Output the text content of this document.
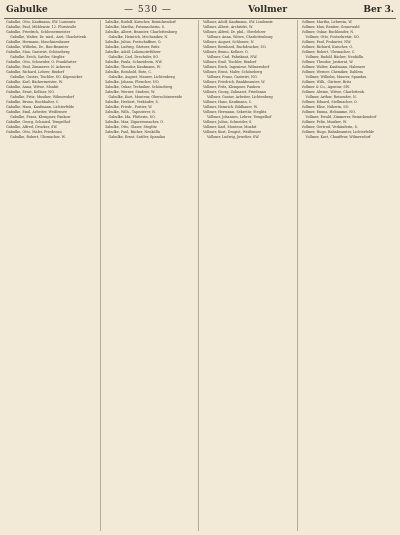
Gabulke	— 530 —	Vollmer	Ber 3.
Gabulke, Otto, Kaufmann, SW. Luisenstr.
Gabulke, Paul, Mühlenstr. 12. Flurstraße
Gabulke, Friedrich, Schlossermeister
Gabulke, Walter, Dr. med., Arzt, Charlottenb.
Gabulke, Hermann, Maschinenbauer
Gabulke, Wilhelm, Dr., Bau-Beamter
Gabulke, Max, Gastwirt, Schöneberg
Gabulke, Erich, Sattler, Steglitz
Gabulke, Otto, Schneider, O. Frankfurter
Gabulke, Paul, Zimmerer, N. Ackerstr.
Gabulke, Richard, Lehrer, Rixdorf
Gabulke, Gustav, Tischler, SO. Köpenicker
Gabulke, Karl, Bäckermeister, W.
Gabulke, Anna, Witwe, Moabit
Gabulke, Ernst, Kellner, NO.
Gabulke, Fritz, Musiker, Wilmersdorf
Gabulke, Bruno, Buchhalter, C.
Gabulke, Hans, Kaufmann, Lichterfelde
Gabulke, Emil, Arbeiter, Weißensee
Gabulke, Franz, Klempner, Pankow
Gabulke, Georg, Schmied, Tempelhof
Gabulke, Alfred, Drucker, SW.
Gabulke, Otto, Maler, Friedenau
Gabulke, Robert, Uhrmacher, W.
Gabulke, Rudolf, Kutscher, Reinickendorf
Gabulke, Martha, Putzmacherin, S.
Gabulke, Albert, Beamter, Charlottenburg
Gabulke, Heinrich, Mechaniker, N.
Gabulke, Julius, Postschaffner, O.
Gabulke, Ludwig, Gärtner, Britz
Gabulke, Adolf, Lokomotivführer
Gabulke, Carl, Drechsler, SO.
Gabulke, Paula, Schneiderin, NW.
Gabulke, Theodor, Kaufmann, W.
Gabulke, Reinhold, Bote, C.
Gabulke, August, Maurer, Lichtenberg
Gabulke, Johann, Fleischer, NO.
Gabulke, Oskar, Techniker, Schöneberg
Gabulke, Werner, Student, W.
Gabulke, Kurt, Monteur, Oberschöneweide
Gabulke, Herbert, Verkäufer, S.
Gabulke, Friedr., Portier, W.
Gabulke, Wilh., Tapezierer, N.
Gabulke, Ida, Plätterin, SO.
Gabulke, Max, Zigarrenmacher, O.
Gabulke, Otto, Glaser, Steglitz
Gabulke, Paul, Bäcker, Neukölln
Gabulke, Ernst, Sattler, Spandau
Vollmer, Adolf, Kaufmann, SW. Lindenstr.
Vollmer, Albert, Architekt, W.
Vollmer, Alfred, Dr. phil., Oberlehrer
Vollmer, Anna, Witwe, Charlottenburg
Vollmer, August, Schlosser, N.
Vollmer, Bernhard, Buchdrucker, SO.
Vollmer, Bruno, Kellner, O.
Vollmer, Carl, Fabrikant, NW.
Vollmer, Emil, Tischler, Rixdorf
Vollmer, Erich, Ingenieur, Wilmersdorf
Vollmer, Ernst, Maler, Schöneberg
Vollmer, Franz, Gastwirt, NO.
Vollmer, Friedrich, Bankbeamter, W.
Vollmer, Fritz, Klempner, Pankow
Vollmer, Georg, Zahnarzt, Friedenau
Vollmer, Gustav, Arbeiter, Lichtenberg
Vollmer, Hans, Kaufmann, C.
Vollmer, Heinrich, Bildhauer, W.
Vollmer, Hermann, Sekretär, Steglitz
Vollmer, Johannes, Lehrer, Tempelhof
Vollmer, Julius, Schneider, S.
Vollmer, Karl, Monteur, Moabit
Vollmer, Kurt, Drogist, Weißensee
Vollmer, Ludwig, Juwelier, SW.
Vollmer, Martha, Lehrerin, W.
Vollmer, Max, Rentier, Grunewald
Vollmer, Oskar, Buchbinder, N.
Vollmer, Otto, Postsekretär, SO.
Vollmer, Paul, Prokurist, NW.
Vollmer, Richard, Kutscher, O.
Vollmer, Robert, Uhrmacher, C.
Vollmer, Rudolf, Bäcker, Neukölln
Vollmer, Theodor, Justizrat, W.
Vollmer, Walter, Kaufmann, Halensee
Vollmer, Werner, Chemiker, Dahlem
Vollmer, Wilhelm, Maurer, Spandau
Vollmer, Wilh., Gärtner, Britz
Vollmer & Co., Agentur, SW.
Vollmer, Alwine, Witwe, Charlottenb.
Vollmer, Arthur, Reisender, N.
Vollmer, Eduard, Stellmacher, O.
Vollmer, Elise, Näherin, SO.
Vollmer, Emma, Hebamme, NO.
Vollmer, Ewald, Zimmerer, Reinickendorf
Vollmer, Felix, Musiker, W.
Vollmer, Gertrud, Verkäuferin, S.
Vollmer, Hugo, Bahnbeamter, Lichterfelde
Vollmer, Kurt, Chauffeur, Wilmersdorf
